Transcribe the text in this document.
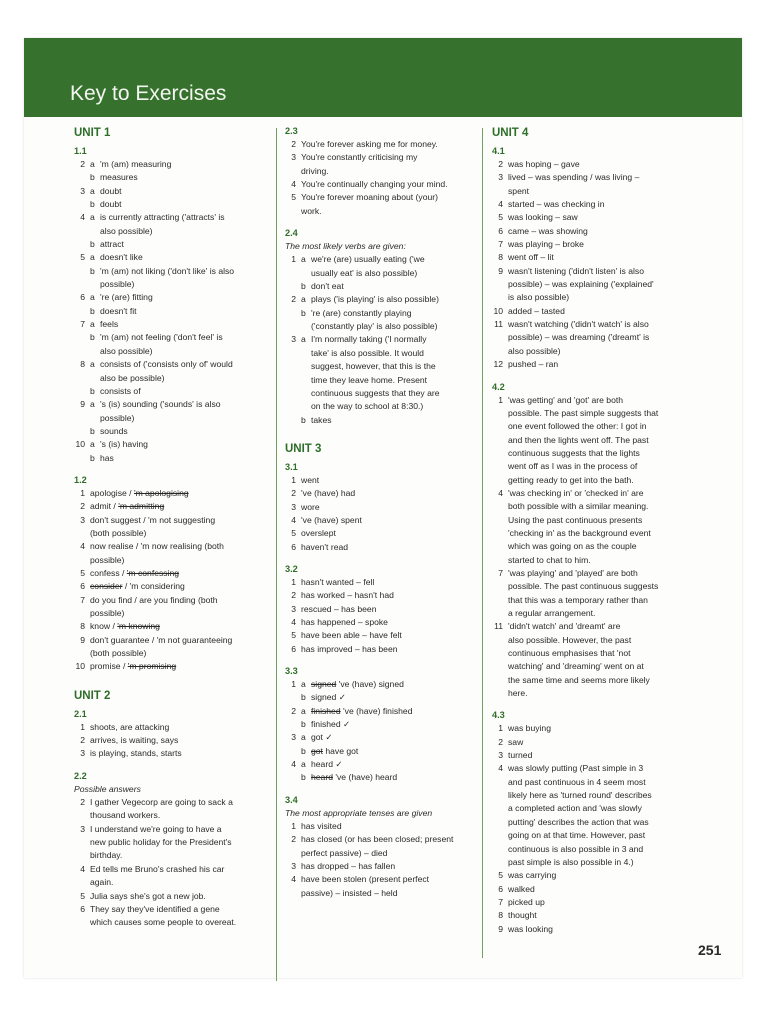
Key to Exercises
UNIT 1
1.1
2 a 'm (am) measuring
b measures
3 a doubt
b doubt
4 a is currently attracting ('attracts' is
also possible)
b attract
5 a doesn't like
b 'm (am) not liking ('don't like' is also
possible)
6 a 're (are) fitting
b doesn't fit
7 a feels
b 'm (am) not feeling ('don't feel' is
also possible)
8 a consists of ('consists only of' would
also be possible)
b consists of
9 a 's (is) sounding ('sounds' is also
possible)
b sounds
10 a 's (is) having
b has
1.2
1 apologise / 'm apologising
2 admit / 'm admitting
3 don't suggest / 'm not suggesting
(both possible)
4 now realise / 'm now realising (both
possible)
5 confess / 'm confessing
6 consider / 'm considering
7 do you find / are you finding (both
possible)
8 know / 'm knowing
9 don't guarantee / 'm not guaranteeing
(both possible)
10 promise / 'm promising
UNIT 2
2.1
1 shoots, are attacking
2 arrives, is waiting, says
3 is playing, stands, starts
2.2
Possible answers
2 I gather Vegecorp are going to sack a
thousand workers.
3 I understand we're going to have a
new public holiday for the President's
birthday.
4 Ed tells me Bruno's crashed his car
again.
5 Julia says she's got a new job.
6 They say they've identified a gene
which causes some people to overeat.
2.3
2 You're forever asking me for money.
3 You're constantly criticising my
driving.
4 You're continually changing your mind.
5 You're forever moaning about (your)
work.
2.4
The most likely verbs are given:
1 a we're (are) usually eating ('we
usually eat' is also possible)
b don't eat
2 a plays ('is playing' is also possible)
b 're (are) constantly playing
('constantly play' is also possible)
3 a I'm normally taking ('I normally
take' is also possible. It would
suggest, however, that this is the
time they leave home. Present
continuous suggests that they are
on the way to school at 8:30.)
b takes
UNIT 3
3.1
1 went
2 've (have) had
3 wore
4 've (have) spent
5 overslept
6 haven't read
3.2
1 hasn't wanted – fell
2 has worked – hasn't had
3 rescued – has been
4 has happened – spoke
5 have been able – have felt
6 has improved – has been
3.3
1 a signed 've (have) signed
b signed ✓
2 a finished 've (have) finished
b finished ✓
3 a got ✓
b got have got
4 a heard ✓
b heard 've (have) heard
3.4
The most appropriate tenses are given
1 has visited
2 has closed (or has been closed; present
perfect passive) – died
3 has dropped – has fallen
4 have been stolen (present perfect
passive) – insisted – held
UNIT 4
4.1
2 was hoping – gave
3 lived – was spending / was living –
spent
4 started – was checking in
5 was looking – saw
6 came – was showing
7 was playing – broke
8 went off – lit
9 wasn't listening ('didn't listen' is also
possible) – was explaining ('explained'
is also possible)
10 added – tasted
11 wasn't watching ('didn't watch' is also
possible) – was dreaming ('dreamt' is
also possible)
12 pushed – ran
4.2
1 'was getting' and 'got' are both
possible. The past simple suggests that
one event followed the other: I got in
and then the lights went off. The past
continuous suggests that the lights
went off as I was in the process of
getting ready to get into the bath.
4 'was checking in' or 'checked in' are
both possible with a similar meaning.
Using the past continuous presents
'checking in' as the background event
which was going on as the couple
started to chat to him.
7 'was playing' and 'played' are both
possible. The past continuous suggests
that this was a temporary rather than
a regular arrangement.
11 'didn't watch' and 'dreamt' are
also possible. However, the past
continuous emphasises that 'not
watching' and 'dreaming' went on at
the same time and seems more likely
here.
4.3
1 was buying
2 saw
3 turned
4 was slowly putting (Past simple in 3
and past continuous in 4 seem most
likely here as 'turned round' describes
a completed action and 'was slowly
putting' describes the action that was
going on at that time. However, past
continuous is also possible in 3 and
past simple is also possible in 4.)
5 was carrying
6 walked
7 picked up
8 thought
9 was looking
251
